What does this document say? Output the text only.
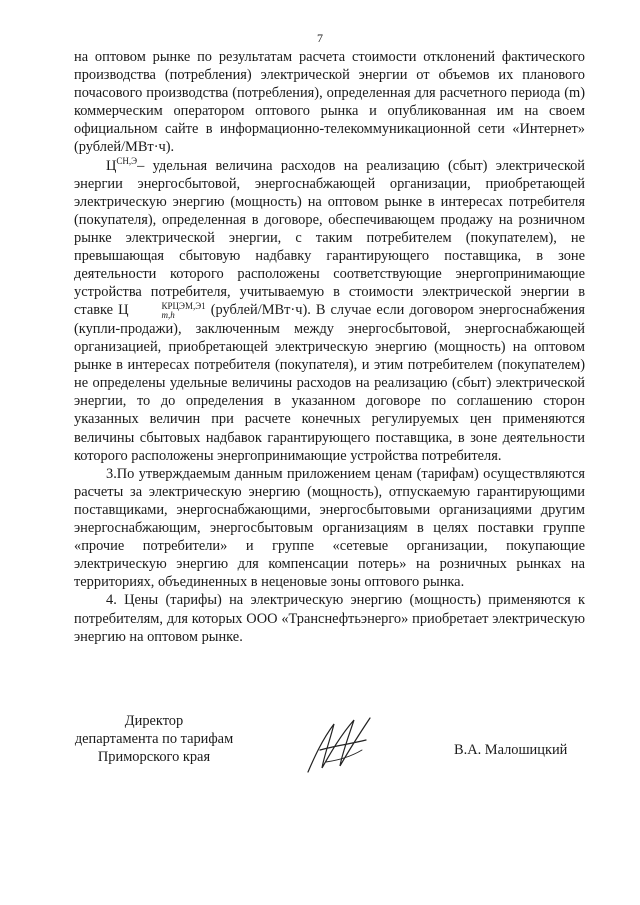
7

на оптовом рынке по результатам расчета стоимости отклонений фактического производства (потребления) электрической энергии от объемов их планового почасового производства (потребления), определенная для расчетного периода (m) коммерческим оператором оптового рынка и опубликованная им на своем официальном сайте в информационно-телекоммуникационной сети «Интернет» (рублей/МВт·ч).

$Ц^{СН,Э}-$ удельная величина расходов на реализацию (сбыт) электрической энергии энергосбытовой, энергоснабжающей организации, приобретающей электрическую энергию (мощность) на оптовом рынке в интересах потребителя (покупателя), определенная в договоре, обеспечивающем продажу на розничном рынке электрической энергии, с таким потребителем (покупателем), не превышающая сбытовую надбавку гарантирующего поставщика, в зоне деятельности которого расположены соответствующие энергопринимающие устройства потребителя, учитываемую в стоимости электрической энергии в ставке Ц	КРЦЭМ,Э1
m,h	(рублей/МВт·ч). В случае если договором энергоснабжения (купли-продажи), заключенным между энергосбытовой, энергоснабжающей организацией, приобретающей электрическую энергию (мощность) на оптовом рынке в интересах потребителя (покупателя), и этим потребителем (покупателем) не определены удельные величины расходов на реализацию (сбыт) электрической энергии, то до определения в указанном договоре по соглашению сторон указанных величин при расчете конечных регулируемых цен применяются величины сбытовых надбавок гарантирующего поставщика, в зоне деятельности которого расположены энергопринимающие устройства потребителя.

3.По утверждаемым данным приложением ценам (тарифам) осуществляются расчеты за электрическую энергию (мощность), отпускаемую гарантирующими поставщиками, энергоснабжающими, энергосбытовыми организациями другим энергоснабжающим, энергосбытовым организациям в целях поставки группе «прочие потребители» и группе «сетевые организации, покупающие электрическую энергию для компенсации потерь» на розничных рынках на территориях, объединенных в неценовые зоны оптового рынка.

4. Цены (тарифы) на электрическую энергию (мощность) применяются к потребителям, для которых ООО «Транснефтьэнерго» приобретает электрическую энергию на оптовом рынке.

Директор
департамента по тарифам
Приморского края	В.А. Малошицкий
